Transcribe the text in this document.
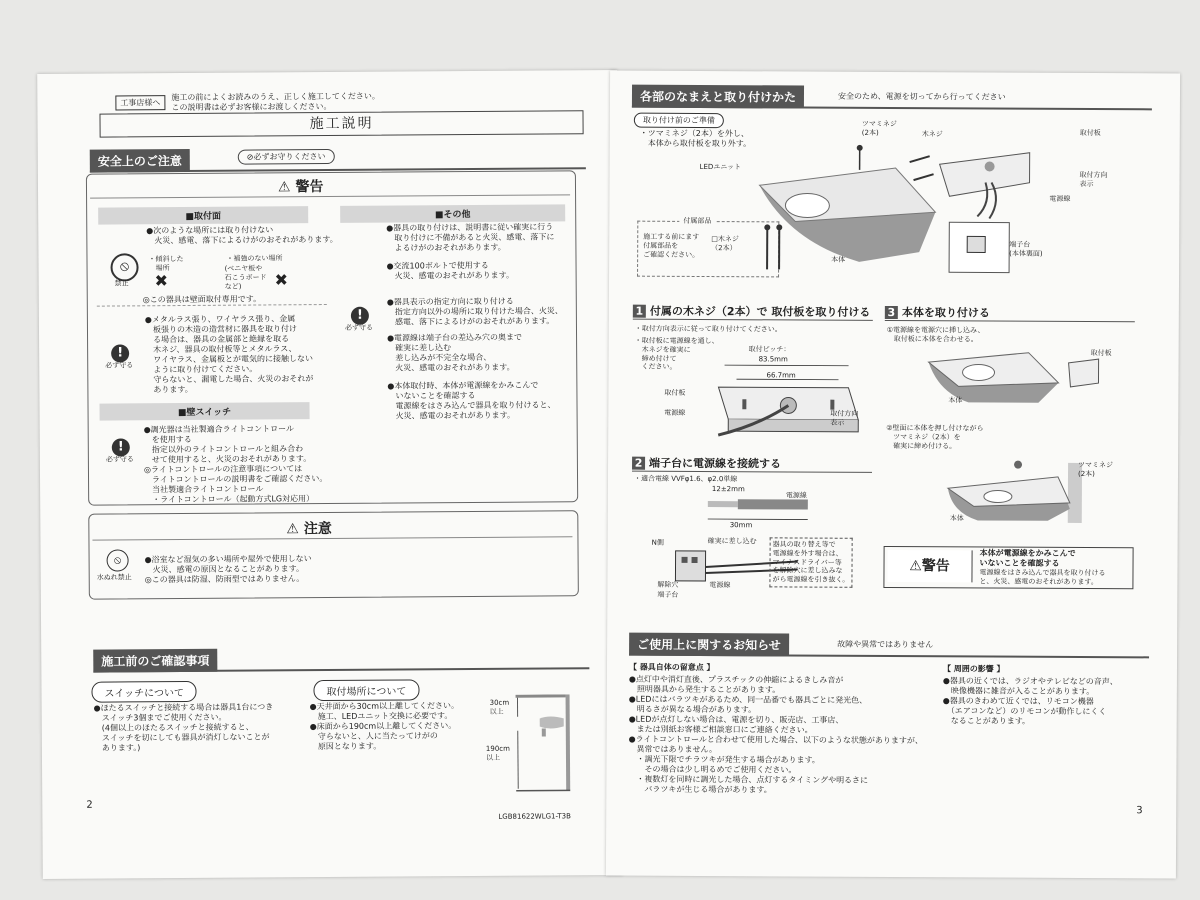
工事店様へ
施工の前によくお読みのうえ、正しく施工してください。
この説明書は必ずお客様にお渡しください。
施工説明
安全上のご注意	⊘必ずお守りください
⚠ 警告
■取付面
●次のような場所には取り付けない
　火災、感電、落下によるけがのおそれがあります。
⦸
禁止
・傾斜した
　場所
✖
・補強のない場所
(ベニヤ板や
石こうボード
など)	✖
◎この器具は壁面取付専用です。
!
必ず守る
●メタルラス張り、ワイヤラス張り、金属
　板張りの木造の造営材に器具を取り付け
　る場合は、器具の金属部と絶縁を取る
　木ネジ、器具の取付板等とメタルラス、
　ワイヤラス、金属板とが電気的に接触しない
　ように取り付けてください。
　守らないと、漏電した場合、火災のおそれが
　あります。
■壁スイッチ
!
必ず守る
●調光器は当社製適合ライトコントロール
　を使用する
　指定以外のライトコントロールと組み合わ
　せて使用すると、火災のおそれがあります。
◎ライトコントロールの注意事項については
　ライトコントロールの説明書をご確認ください。
　当社製適合ライトコントロール
　・ライトコントロール（起動方式LG対応用）
■その他
●器具の取り付けは、説明書に従い確実に行う
　取り付けに不備があると火災、感電、落下に
　よるけがのおそれがあります。
●交流100ボルトで使用する
　火災、感電のおそれがあります。
●器具表示の指定方向に取り付ける
　指定方向以外の場所に取り付けた場合、火災、
　感電、落下によるけがのおそれがあります。
!
必ず守る
●電源線は端子台の差込み穴の奥まで
　確実に差し込む
　差し込みが不完全な場合、
　火災、感電のおそれがあります。
●本体取付時、本体が電源線をかみこんで
　いないことを確認する
　電源線をはさみ込んで器具を取り付けると、
　火災、感電のおそれがあります。
⚠ 注意
⦸
水ぬれ禁止
●浴室など湿気の多い場所や屋外で使用しない
　火災、感電の原因となることがあります。
◎この器具は防湿、防雨型ではありません。
施工前のご確認事項
スイッチについて
●ほたるスイッチと接続する場合は器具1台につき
　スイッチ3個までご使用ください。
　(4個以上のほたるスイッチと接続すると、
　スイッチを切にしても器具が消灯しないことが
　あります。)
取付場所について
●天井面から30cm以上離してください。
　施工、LEDユニット交換に必要です。
●床面から190cm以上離してください。
　守らないと、人に当たってけがの
　原因となります。
30cm
以上
190cm
以上
2
LGB81622WLG1-T3B
各部のなまえと取り付けかた	安全のため、電源を切ってから行ってください
取り付け前のご準備
・ツマミネジ（2本）を外し、
　本体から取付板を取り外す。
ツマミネジ
(2本)	木ネジ	取付板
取付方向
表示
LEDユニット
電源線
端子台
(本体裏面)
本体
付属部品
施工する前にます
付属部品を
ご確認ください。
□木ネジ
（2本）
1 付属の木ネジ（2本）で 取付板を取り付ける
・取付方向表示に従って取り付けてください。
・取付板に電源線を通し、
　木ネジを確実に
　締め付けて
　ください。
取付ピッチ：
83.5mm
66.7mm
取付板
電源線	取付方向
表示
2 端子台に電源線を接続する
・適合電線 VVFφ1.6、φ2.0単線
12±2mm
電源線
30mm
N側	確実に差し込む
解除穴
端子台
電源線
器具の取り替え等で
電源線を外す場合は、
マイナスドライバー等
を解除穴に差し込みな
がら電源線を引き抜く。
3 本体を取り付ける
①電源線を電源穴に挿し込み、
　取付板に本体を合わせる。
取付板
本体
②壁面に本体を押し付けながら
　ツマミネジ（2本）を
　確実に締め付ける。
ツマミネジ
(2本)
本体
⚠警告
本体が電源線をかみこんで
いないことを確認する
電源線をはさみ込んで器具を取り付ける
と、火災、感電のおそれがあります。
ご使用上に関するお知らせ	故障や異常ではありません
【 器具自体の留意点 】
●点灯中や消灯直後、プラスチックの伸縮によるきしみ音が
　照明器具から発生することがあります。
●LEDにはバラツキがあるため、同一品番でも器具ごとに発光色、
　明るさが異なる場合があります。
●LEDが点灯しない場合は、電源を切り、販売店、工事店、
　または別紙お客様ご相談窓口にご連絡ください。
●ライトコントロールと合わせて使用した場合、以下のような状態がありますが、
　異常ではありません。
　・調光下限でチラツキが発生する場合があります。
　　その場合は少し明るめでご使用ください。
　・複数灯を同時に調光した場合、点灯するタイミングや明るさに
　　バラツキが生じる場合があります。
【 周囲の影響 】
●器具の近くでは、ラジオやテレビなどの音声、
　映像機器に雑音が入ることがあります。
●器具のきわめて近くでは、リモコン機器
　（エアコンなど）のリモコンが動作しにくく
　なることがあります。
3
